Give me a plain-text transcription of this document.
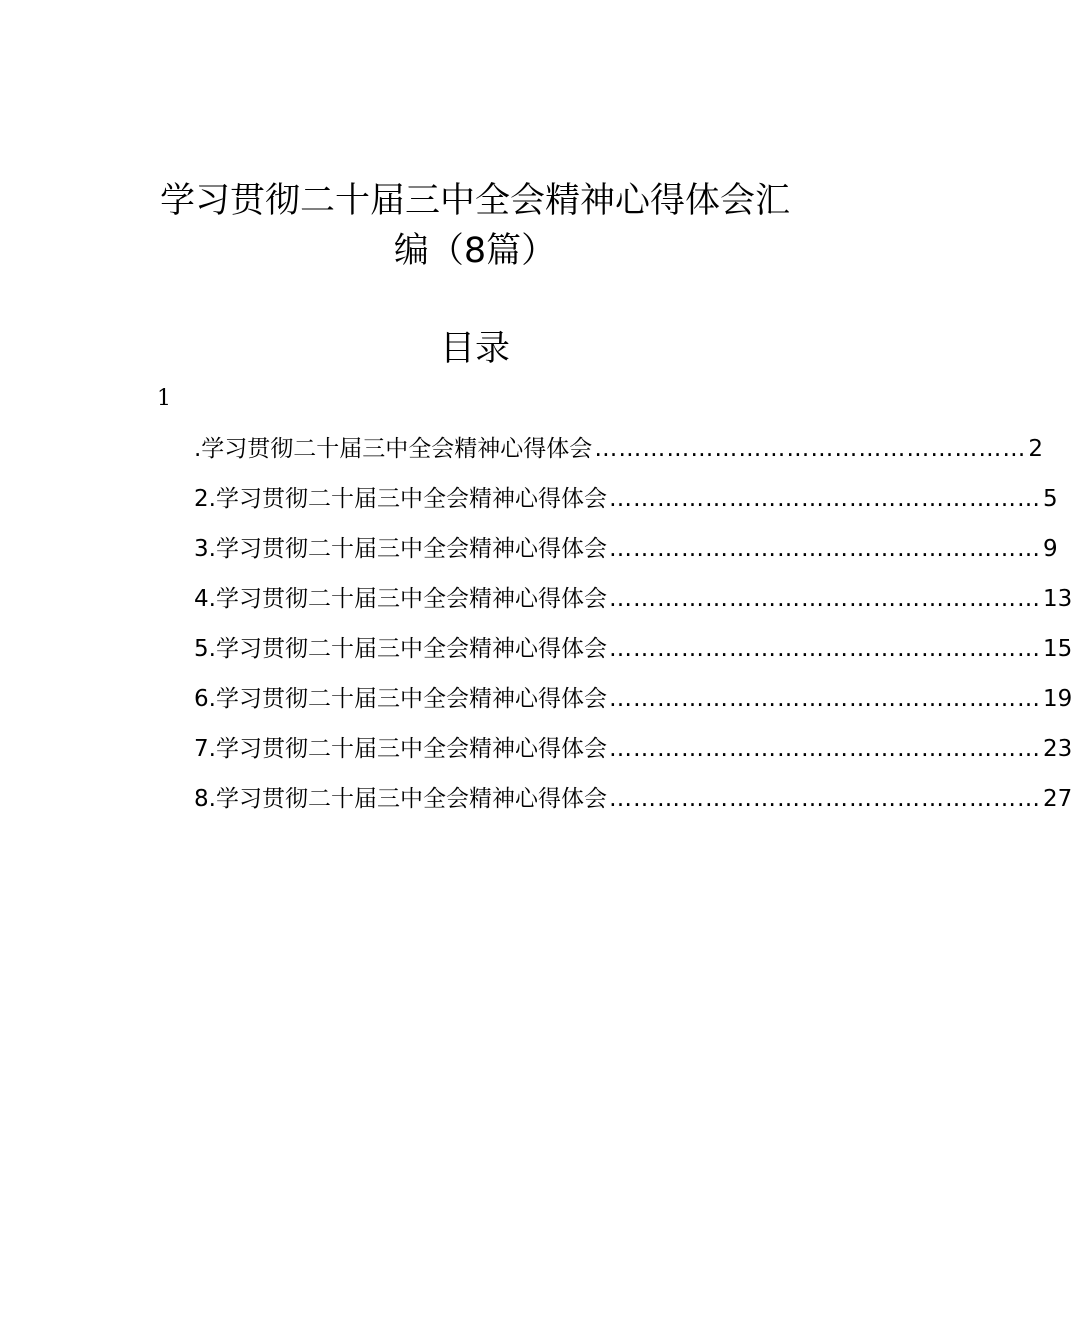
学习贯彻二十届三中全会精神心得体会汇
编（8篇）
目录
1
.学习贯彻二十届三中全会精神心得体会 ……………………………………………… 2
2.学习贯彻二十届三中全会精神心得体会 ……………………………………………… 5
3.学习贯彻二十届三中全会精神心得体会 ……………………………………………… 9
4.学习贯彻二十届三中全会精神心得体会 ……………………………………………… 13
5.学习贯彻二十届三中全会精神心得体会 ……………………………………………… 15
6.学习贯彻二十届三中全会精神心得体会 ……………………………………………… 19
7.学习贯彻二十届三中全会精神心得体会 ……………………………………………… 23
8.学习贯彻二十届三中全会精神心得体会 ……………………………………………… 27
